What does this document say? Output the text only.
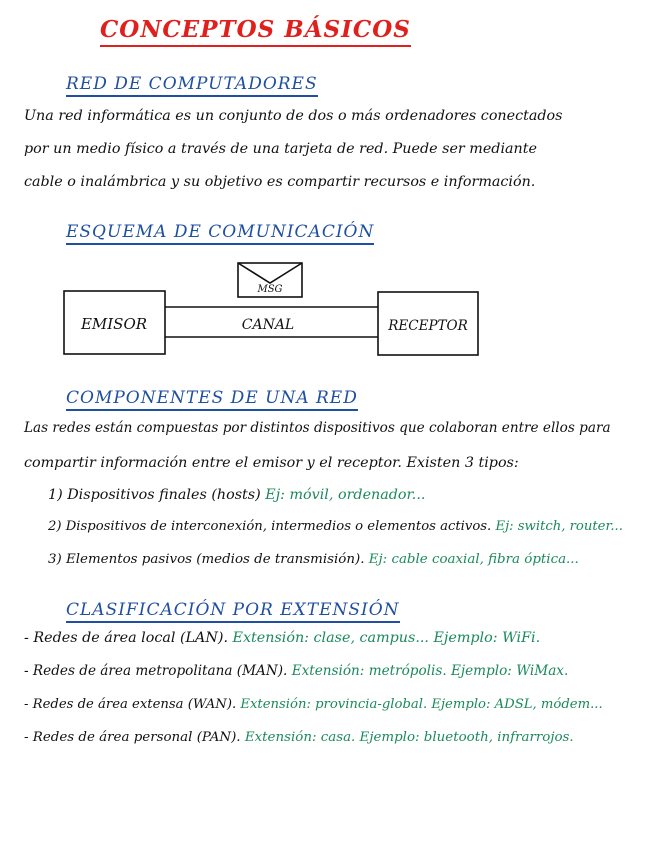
CONCEPTOS BÁSICOS
RED DE COMPUTADORES
Una red informática es un conjunto de dos o más ordenadores conectados
por un medio físico a través de una tarjeta de red. Puede ser mediante
cable o inalámbrica y su objetivo es compartir recursos e información.
ESQUEMA DE COMUNICACIÓN
MSG
CANAL
EMISOR	RECEPTOR
COMPONENTES DE UNA RED
Las redes están compuestas por distintos dispositivos que colaboran entre ellos para
compartir información entre el emisor y el receptor. Existen 3 tipos:
1) Dispositivos finales (hosts) Ej: móvil, ordenador...
2) Dispositivos de interconexión, intermedios o elementos activos. Ej: switch, router...
3) Elementos pasivos (medios de transmisión). Ej: cable coaxial, fibra óptica...
CLASIFICACIÓN POR EXTENSIÓN
- Redes de área local (LAN). Extensión: clase, campus... Ejemplo: WiFi.
- Redes de área metropolitana (MAN). Extensión: metrópolis. Ejemplo: WiMax.
- Redes de área extensa (WAN). Extensión: provincia-global. Ejemplo: ADSL, módem...
- Redes de área personal (PAN). Extensión: casa. Ejemplo: bluetooth, infrarrojos.
